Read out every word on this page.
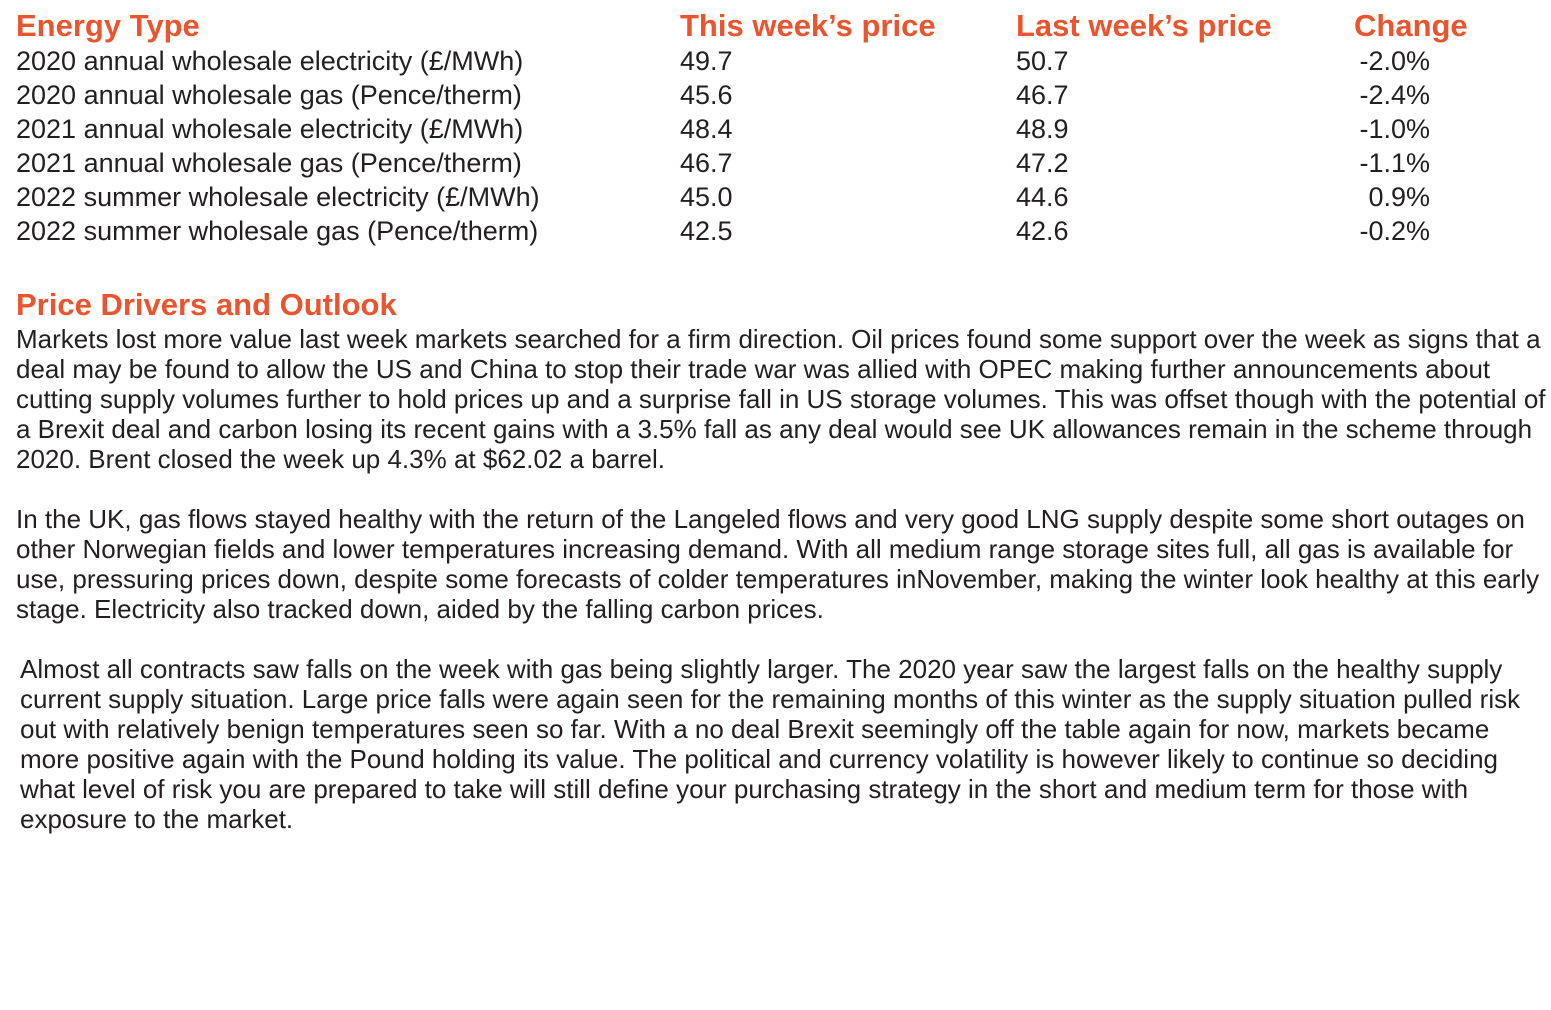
Energy Type	This week’s price	Last week’s price	Change
2020 annual wholesale electricity (£/MWh)	49.7	50.7	-2.0%
2020 annual wholesale gas (Pence/therm)	45.6	46.7	-2.4%
2021 annual wholesale electricity (£/MWh)	48.4	48.9	-1.0%
2021 annual wholesale gas (Pence/therm)	46.7	47.2	-1.1%
2022 summer wholesale electricity (£/MWh)	45.0	44.6	0.9%
2022 summer wholesale gas (Pence/therm)	42.5	42.6	-0.2%
Price Drivers and Outlook

Markets lost more value last week markets searched for a firm direction. Oil prices found some support over the week as signs that a deal may be found to allow the US and China to stop their trade war was allied with OPEC making further announcements about cutting supply volumes further to hold prices up and a surprise fall in US storage volumes. This was offset though with the potential of a Brexit deal and carbon losing its recent gains with a 3.5% fall as any deal would see UK allowances remain in the scheme through 2020. Brent closed the week up 4.3% at $62.02 a barrel.

In the UK, gas flows stayed healthy with the return of the Langeled flows and very good LNG supply despite some short outages on other Norwegian fields and lower temperatures increasing demand. With all medium range storage sites full, all gas is available for use, pressuring prices down, despite some forecasts of colder temperatures inNovember, making the winter look healthy at this early stage. Electricity also tracked down, aided by the falling carbon prices.

Almost all contracts saw falls on the week with gas being slightly larger. The 2020 year saw the largest falls on the healthy supply current supply situation. Large price falls were again seen for the remaining months of this winter as the supply situation pulled risk out with relatively benign temperatures seen so far. With a no deal Brexit seemingly off the table again for now, markets became more positive again with the Pound holding its value. The political and currency volatility is however likely to continue so deciding what level of risk you are prepared to take will still define your purchasing strategy in the short and medium term for those with exposure to the market.
